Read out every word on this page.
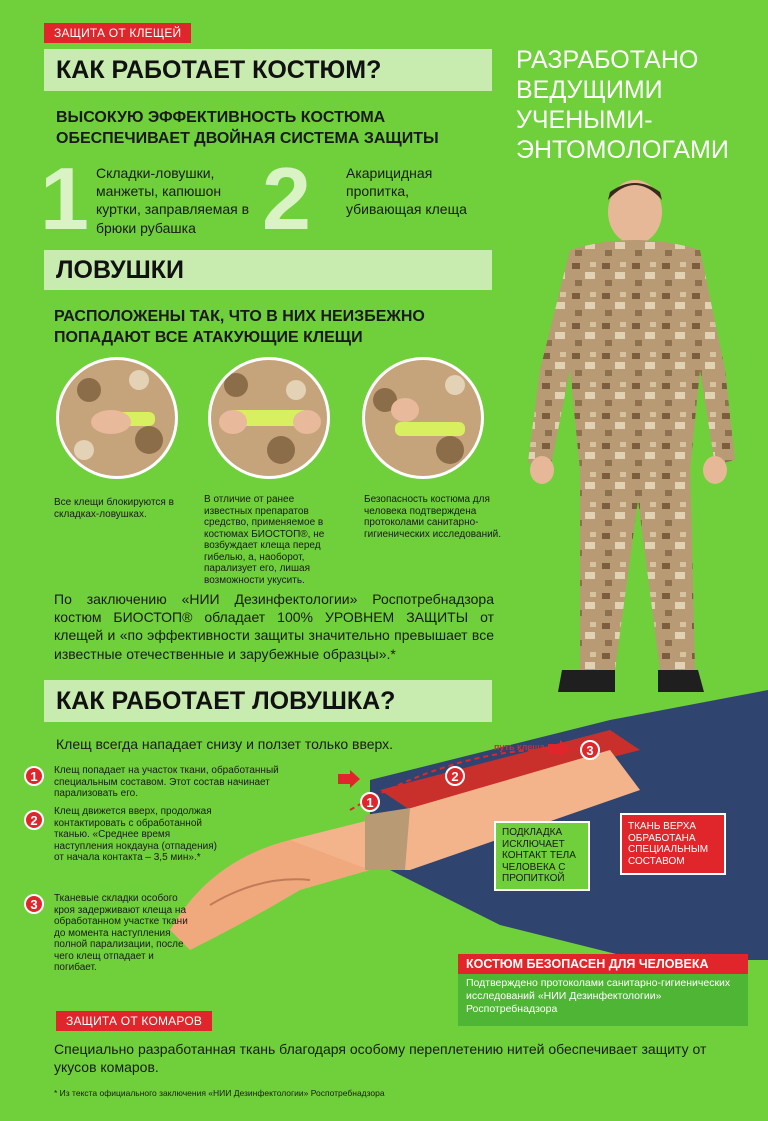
ЗАЩИТА ОТ КЛЕЩЕЙ
КАК РАБОТАЕТ КОСТЮМ?	РАЗРАБОТАНО ВЕДУЩИМИ УЧЕНЫМИ-ЭНТОМОЛОГАМИ
ВЫСОКУЮ ЭФФЕКТИВНОСТЬ КОСТЮМА ОБЕСПЕЧИВАЕТ ДВОЙНАЯ СИСТЕМА ЗАЩИТЫ
1 Складки-ловушки, манжеты, капюшон куртки, заправляемая в брюки рубашка 2	Акарицидная пропитка, убивающая клеща
ЛОВУШКИ
РАСПОЛОЖЕНЫ ТАК, ЧТО В НИХ НЕИЗБЕЖНО ПОПАДАЮТ ВСЕ АТАКУЮЩИЕ КЛЕЩИ
Все клещи блокируются в складках-ловушках.
В отличие от ранее известных препаратов средство, применяемое в костюмах БИОСТОП®, не возбуждает клеща перед гибелью, а, наоборот, парализует его, лишая возможности укусить.
Безопасность костюма для человека подтверждена протоколами санитарно-гигиенических исследований.
По заключению «НИИ Дезинфектологии» Роспотребнадзора костюм БИОСТОП® обладает 100% УРОВНЕМ ЗАЩИТЫ от клещей и «по эффективности защиты значительно превышает все известные отечественные и зарубежные образцы».*
КАК РАБОТАЕТ ЛОВУШКА?
Клещ всегда нападает снизу и ползет только вверх.	путь клеща
1
2
3
ПОДКЛАДКА ИСКЛЮЧАЕТ КОНТАКТ ТЕЛА ЧЕЛОВЕКА С ПРОПИТКОЙ
ТКАНЬ ВЕРХА ОБРАБОТАНА СПЕЦИАЛЬНЫМ СОСТАВОМ
1	Клещ попадает на участок ткани, обработанный специальным составом. Этот состав начинает парализовать его.
2
Клещ движется вверх, продолжая контактировать с обработанной тканью. «Среднее время наступления нокдауна (отпадения) от начала контакта – 3,5 мин».*
3	Тканевые складки особого кроя задерживают клеща на обработанном участке ткани до момента наступления полной парализации, после чего клещ отпадает и погибает.	КОСТЮМ БЕЗОПАСЕН ДЛЯ ЧЕЛОВЕКА
Подтверждено протоколами санитарно-гигиенических исследований «НИИ Дезинфектологии» Роспотребнадзора
ЗАЩИТА ОТ КОМАРОВ
Специально разработанная ткань благодаря особому переплетению нитей обеспечивает защиту от укусов комаров.
* Из текста официального заключения «НИИ Дезинфектологии» Роспотребнадзора
